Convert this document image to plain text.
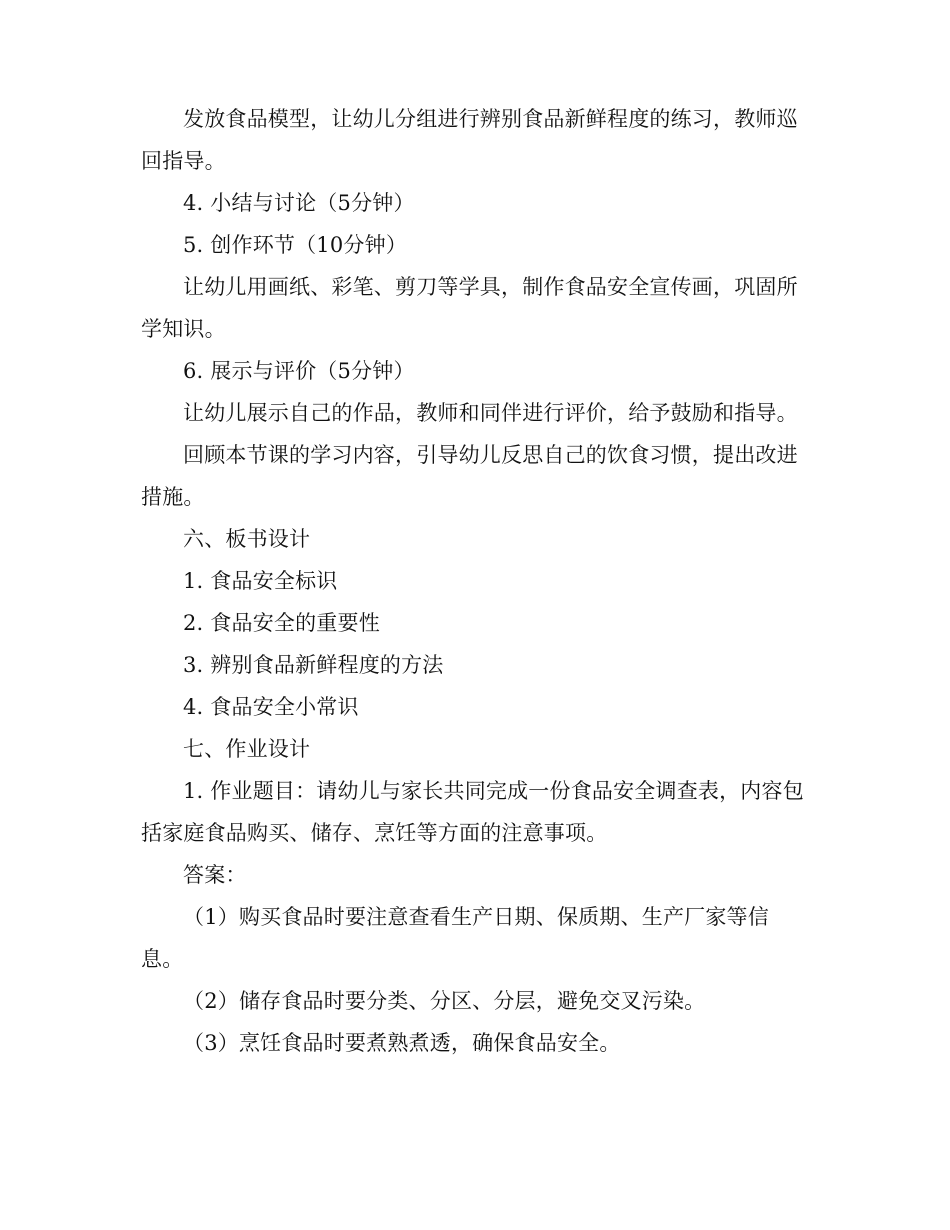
发放食品模型，让幼儿分组进行辨别食品新鲜程度的练习，教师巡回指导。

4. 小结与讨论（5分钟）

5. 创作环节（10分钟）

让幼儿用画纸、彩笔、剪刀等学具，制作食品安全宣传画，巩固所学知识。

6. 展示与评价（5分钟）

让幼儿展示自己的作品，教师和同伴进行评价，给予鼓励和指导。

回顾本节课的学习内容，引导幼儿反思自己的饮食习惯，提出改进措施。

六、板书设计

1. 食品安全标识

2. 食品安全的重要性

3. 辨别食品新鲜程度的方法

4. 食品安全小常识

七、作业设计

1. 作业题目：请幼儿与家长共同完成一份食品安全调查表，内容包括家庭食品购买、储存、烹饪等方面的注意事项。

答案：

（1）购买食品时要注意查看生产日期、保质期、生产厂家等信息。

（2）储存食品时要分类、分区、分层，避免交叉污染。

（3）烹饪食品时要煮熟煮透，确保食品安全。
